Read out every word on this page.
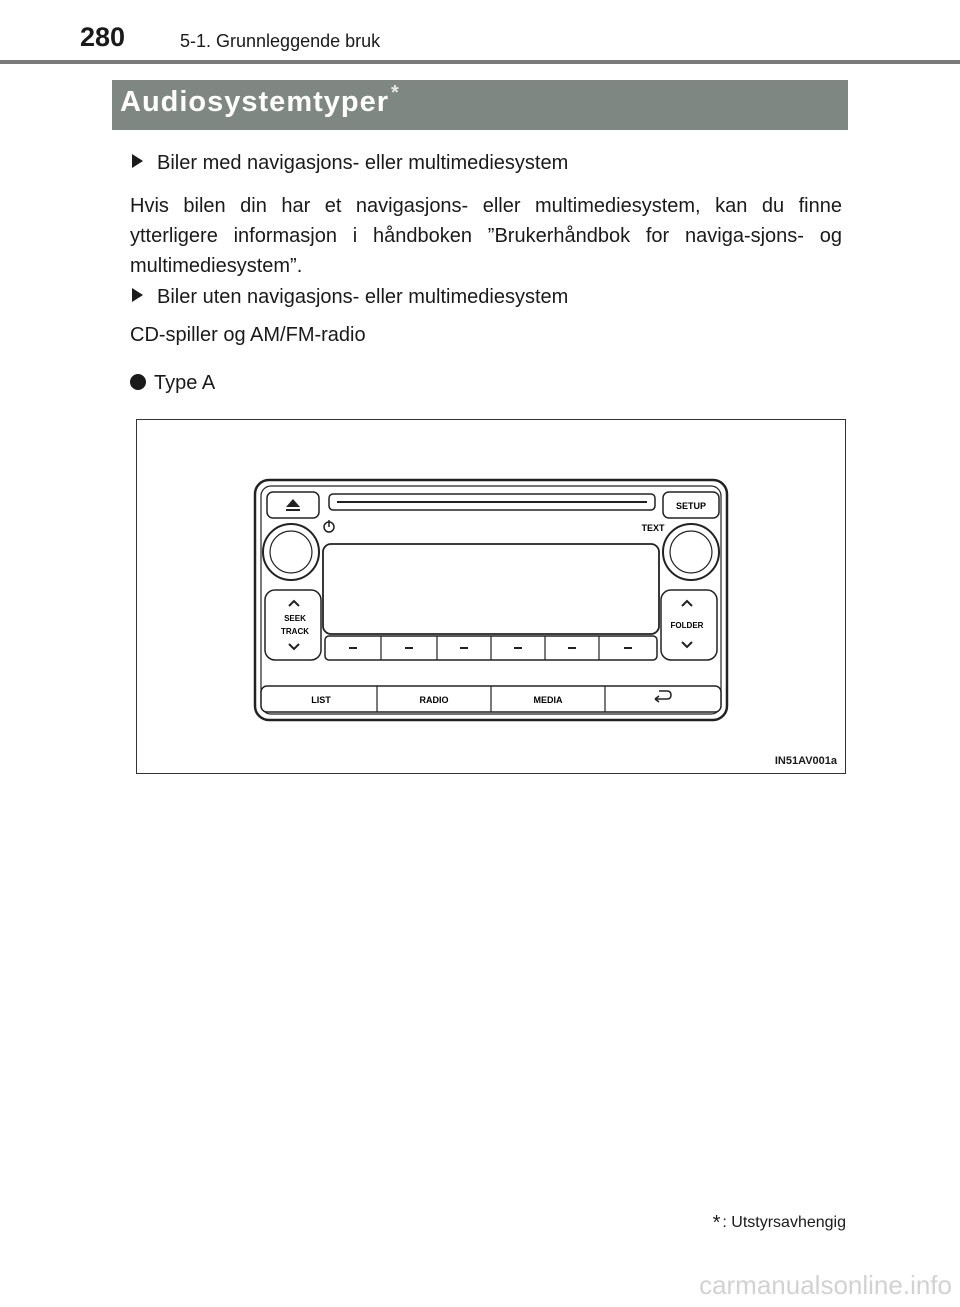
280	5-1. Grunnleggende bruk
Audiosystemtyper *
Biler med navigasjons- eller multimediesystem
Hvis bilen din har et navigasjons- eller multimediesystem, kan du finne ytterligere informasjon i håndboken ”Brukerhåndbok for naviga-sjons- og multimediesystem”.
Biler uten navigasjons- eller multimediesystem
CD-spiller og AM/FM-radio
Type A
SETUP
TEXT
SEEK
TRACK
FOLDER
LIST	RADIO	MEDIA
IN51AV001a
* : Utstyrsavhengig
carmanualsonline.info
